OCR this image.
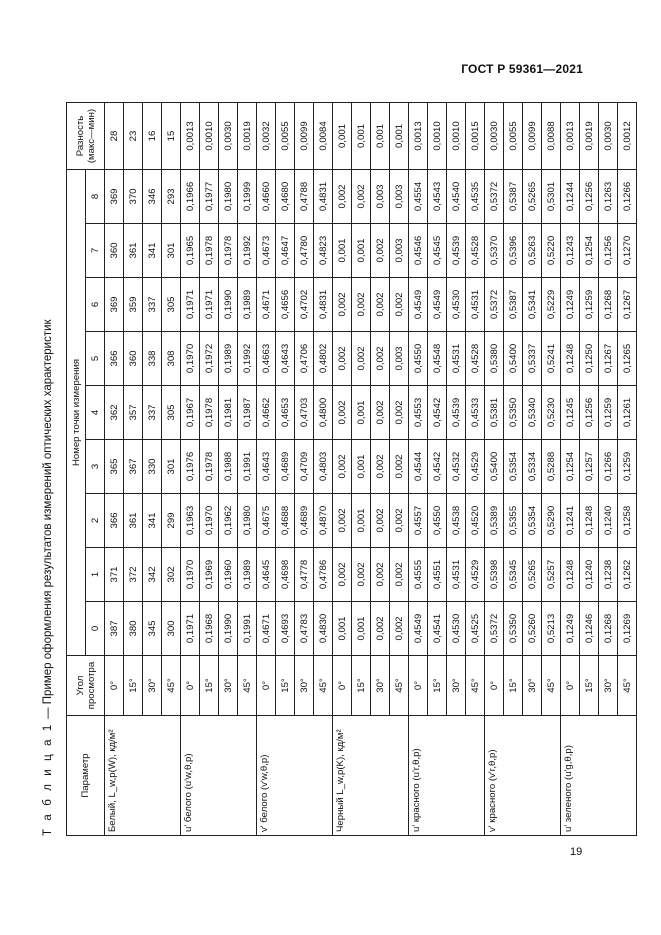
ГОСТ Р 59361—2021
Т а б л и ц а 1 — Пример оформления результатов измерений оптических характеристик
Параметр	Угол просмотра	Номер точки измерения									Разность (макс—мин)
		0	1	2	3	4	5	6	7	8	
Белый, L_w,p(W), кд/м²	0°	387	371	366	365	362	366	369	360	369	28
	15°	380	372	361	367	357	360	359	361	370	23
	30°	345	342	341	330	337	338	337	341	346	16
	45°	300	302	299	301	305	308	305	301	293	15
u' белого (u'w,θ,p)	0°	0,1971	0,1970	0,1963	0,1976	0,1967	0,1970	0,1971	0,1965	0,1966	0,0013
	15°	0,1968	0,1969	0,1970	0,1978	0,1978	0,1972	0,1971	0,1978	0,1977	0,0010
	30°	0,1990	0,1960	0,1962	0,1988	0,1981	0,1989	0,1990	0,1978	0,1980	0,0030
	45°	0,1991	0,1989	0,1980	0,1991	0,1987	0,1992	0,1989	0,1992	0,1999	0,0019
v' белого (v'w,θ,p)	0°	0,4671	0,4645	0,4675	0,4643	0,4662	0,4663	0,4671	0,4673	0,4660	0,0032
	15°	0,4693	0,4698	0,4688	0,4689	0,4653	0,4643	0,4656	0,4647	0,4680	0,0055
	30°	0,4783	0,4778	0,4689	0,4709	0,4703	0,4706	0,4702	0,4780	0,4788	0,0099
	45°	0,4830	0,4786	0,4870	0,4803	0,4800	0,4802	0,4831	0,4823	0,4831	0,0084
Черный L_w,p(K), кд/м²	0°	0,001	0,002	0,002	0,002	0,002	0,002	0,002	0,001	0,002	0,001
	15°	0,001	0,002	0,001	0,001	0,001	0,002	0,002	0,001	0,002	0,001
	30°	0,002	0,002	0,002	0,002	0,002	0,002	0,002	0,002	0,003	0,001
	45°	0,002	0,002	0,002	0,002	0,002	0,003	0,002	0,003	0,003	0,001
u' красного (u'r,θ,p)	0°	0,4549	0,4555	0,4557	0,4544	0,4553	0,4550	0,4549	0,4546	0,4554	0,0013
	15°	0,4541	0,4551	0,4550	0,4542	0,4542	0,4548	0,4549	0,4545	0,4543	0,0010
	30°	0,4530	0,4531	0,4538	0,4532	0,4539	0,4531	0,4530	0,4539	0,4540	0,0010
	45°	0,4525	0,4529	0,4520	0,4529	0,4533	0,4528	0,4531	0,4528	0,4535	0,0015
v' красного (v'r,θ,p)	0°	0,5372	0,5398	0,5389	0,5400	0,5381	0,5380	0,5372	0,5370	0,5372	0,0030
	15°	0,5350	0,5345	0,5355	0,5354	0,5350	0,5400	0,5387	0,5396	0,5387	0,0055
	30°	0,5260	0,5265	0,5354	0,5334	0,5340	0,5337	0,5341	0,5263	0,5265	0,0099
	45°	0,5213	0,5257	0,5290	0,5288	0,5230	0,5241	0,5229	0,5220	0,5301	0,0088
u' зеленого (u'g,θ,p)	0°	0,1249	0,1248	0,1241	0,1254	0,1245	0,1248	0,1249	0,1243	0,1244	0,0013
	15°	0,1246	0,1240	0,1248	0,1257	0,1256	0,1250	0,1259	0,1254	0,1256	0,0019
	30°	0,1268	0,1238	0,1240	0,1266	0,1259	0,1267	0,1268	0,1256	0,1263	0,0030
	45°	0,1269	0,1262	0,1258	0,1259	0,1261	0,1265	0,1267	0,1270	0,1266	0,0012
19
